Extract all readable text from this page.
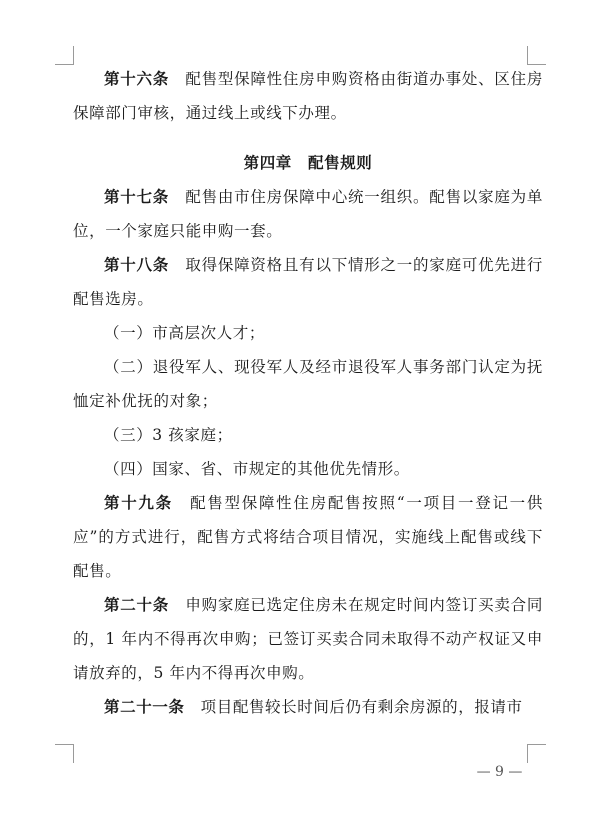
第十六条　 配售型保障性住房申购资格由街道办事处、区住房保障部门审核，通过线上或线下办理。

第四章　配售规则

第十七条　 配售由市住房保障中心统一组织。配售以家庭为单位，一个家庭只能申购一套。

第十八条　 取得保障资格且有以下情形之一的家庭可优先进行配售选房。

（一）市高层次人才；

（二）退役军人、现役军人及经市退役军人事务部门认定为抚恤定补优抚的对象；

（三）3 孩家庭；

（四）国家、省、市规定的其他优先情形。

第十九条　 配售型保障性住房配售按照“一项目一登记一供应”的方式进行，配售方式将结合项目情况，实施线上配售或线下配售。

第二十条　 申购家庭已选定住房未在规定时间内签订买卖合同的，1 年内不得再次申购；已签订买卖合同未取得不动产权证又申请放弃的，5 年内不得再次申购。

第二十一条　 项目配售较长时间后仍有剩余房源的，报请市

— 9 —
